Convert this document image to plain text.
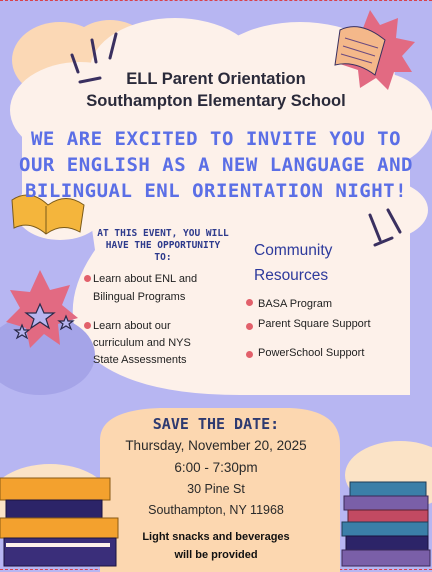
ELL Parent Orientation
Southampton Elementary School
WE ARE EXCITED TO INVITE YOU TO
OUR ENGLISH AS A NEW LANGUAGE AND
BILINGUAL ENL ORIENTATION NIGHT!
AT THIS EVENT, YOU WILL
HAVE THE OPPORTUNITY
TO:
Learn about ENL and
Bilingual Programs
Learn about our
curriculum and NYS
State Assessments
Community
Resources
BASA Program
Parent Square Support
PowerSchool Support
SAVE THE DATE:
Thursday, November 20, 2025
6:00 - 7:30pm
30 Pine St
Southampton, NY 11968
Light snacks and beverages
will be provided
